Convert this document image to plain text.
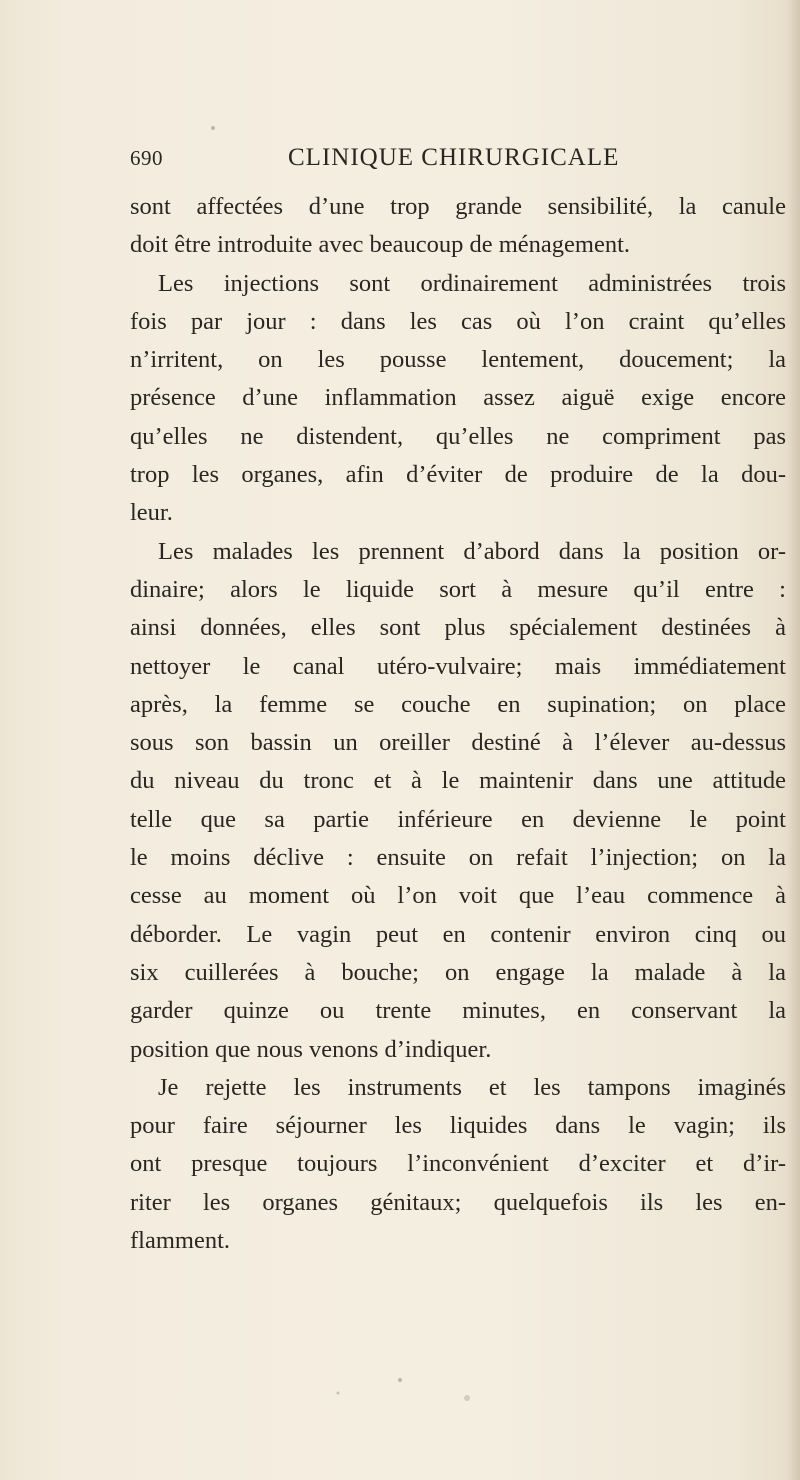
690	CLINIQUE CHIRURGICALE
sont affectées d’une trop grande sensibilité, la canule
doit être introduite avec beaucoup de ménagement.
Les injections sont ordinairement administrées trois
fois par jour : dans les cas où l’on craint qu’elles
n’irritent, on les pousse lentement, doucement; la
présence d’une inflammation assez aiguë exige encore
qu’elles ne distendent, qu’elles ne compriment pas
trop les organes, afin d’éviter de produire de la dou-
leur.
Les malades les prennent d’abord dans la position or-
dinaire; alors le liquide sort à mesure qu’il entre :
ainsi données, elles sont plus spécialement destinées à
nettoyer le canal utéro-vulvaire; mais immédiatement
après, la femme se couche en supination; on place
sous son bassin un oreiller destiné à l’élever au-dessus
du niveau du tronc et à le maintenir dans une attitude
telle que sa partie inférieure en devienne le point
le moins déclive : ensuite on refait l’injection; on la
cesse au moment où l’on voit que l’eau commence à
déborder. Le vagin peut en contenir environ cinq ou
six cuillerées à bouche; on engage la malade à la
garder quinze ou trente minutes, en conservant la
position que nous venons d’indiquer.
Je rejette les instruments et les tampons imaginés
pour faire séjourner les liquides dans le vagin; ils
ont presque toujours l’inconvénient d’exciter et d’ir-
riter les organes génitaux; quelquefois ils les en-
flamment.
